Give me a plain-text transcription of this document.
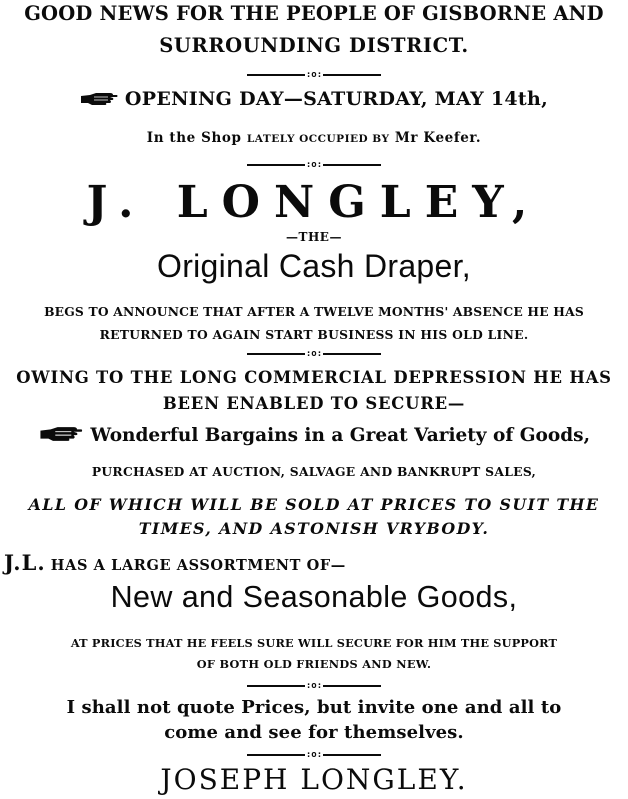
GOOD NEWS FOR THE PEOPLE OF GISBORNE AND

SURROUNDING DISTRICT.

:o:

OPENING DAY—SATURDAY, MAY 14th,

In the Shop LATELY OCCUPIED BY Mr Keefer.

:o:

J. LONGLEY,

—THE—

Original Cash Draper,

BEGS TO ANNOUNCE THAT AFTER A TWELVE MONTHS' ABSENCE HE HAS

RETURNED TO AGAIN START BUSINESS IN HIS OLD LINE.

:o:

OWING TO THE LONG COMMERCIAL DEPRESSION HE HAS

BEEN ENABLED TO SECURE—

Wonderful Bargains in a Great Variety of Goods,

PURCHASED AT AUCTION, SALVAGE AND BANKRUPT SALES,

ALL OF WHICH WILL BE SOLD AT PRICES TO SUIT THE

TIMES, AND ASTONISH VRYBODY.

J.L. HAS A LARGE ASSORTMENT OF—

New and Seasonable Goods,

AT PRICES THAT HE FEELS SURE WILL SECURE FOR HIM THE SUPPORT

OF BOTH OLD FRIENDS AND NEW.

:o:

I shall not quote Prices, but invite one and all to

come and see for themselves.

:o:

JOSEPH LONGLEY.
